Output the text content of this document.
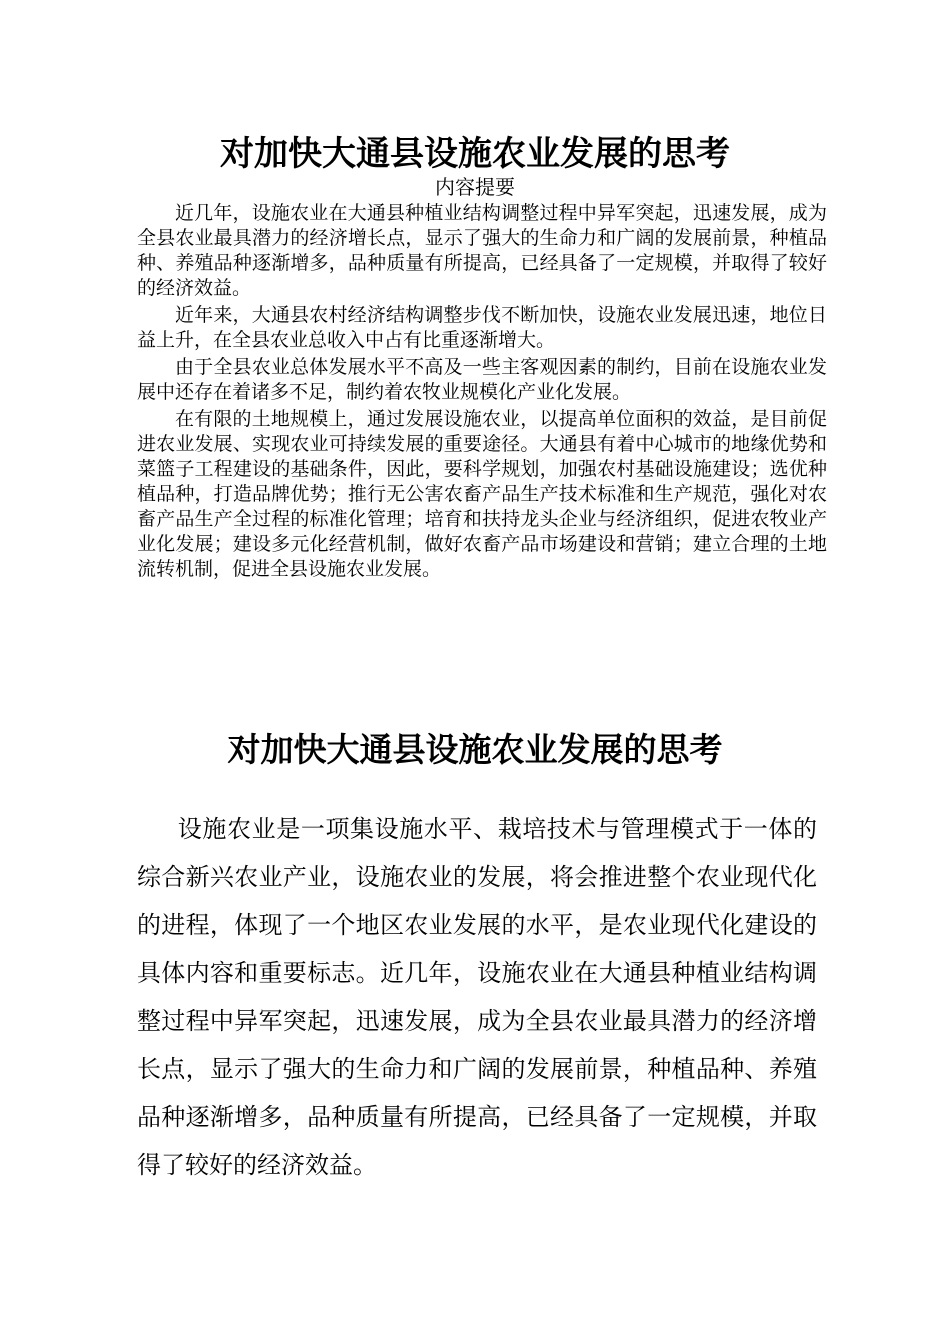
对加快大通县设施农业发展的思考
内容提要

近几年，设施农业在大通县种植业结构调整过程中异军突起，迅速发展，成为全县农业最具潜力的经济增长点，显示了强大的生命力和广阔的发展前景，种植品种、养殖品种逐渐增多，品种质量有所提高，已经具备了一定规模，并取得了较好的经济效益。

近年来，大通县农村经济结构调整步伐不断加快，设施农业发展迅速，地位日益上升，在全县农业总收入中占有比重逐渐增大。

由于全县农业总体发展水平不高及一些主客观因素的制约，目前在设施农业发展中还存在着诸多不足，制约着农牧业规模化产业化发展。

在有限的土地规模上，通过发展设施农业，以提高单位面积的效益，是目前促进农业发展、实现农业可持续发展的重要途径。大通县有着中心城市的地缘优势和菜篮子工程建设的基础条件，因此，要科学规划，加强农村基础设施建设；选优种植品种，打造品牌优势；推行无公害农畜产品生产技术标准和生产规范，强化对农畜产品生产全过程的标准化管理；培育和扶持龙头企业与经济组织，促进农牧业产业化发展；建设多元化经营机制，做好农畜产品市场建设和营销；建立合理的土地流转机制，促进全县设施农业发展。

对加快大通县设施农业发展的思考

设施农业是一项集设施水平、栽培技术与管理模式于一体的综合新兴农业产业，设施农业的发展，将会推进整个农业现代化的进程，体现了一个地区农业发展的水平，是农业现代化建设的具体内容和重要标志。近几年，设施农业在大通县种植业结构调整过程中异军突起，迅速发展，成为全县农业最具潜力的经济增长点，显示了强大的生命力和广阔的发展前景，种植品种、养殖品种逐渐增多，品种质量有所提高，已经具备了一定规模，并取得了较好的经济效益。
